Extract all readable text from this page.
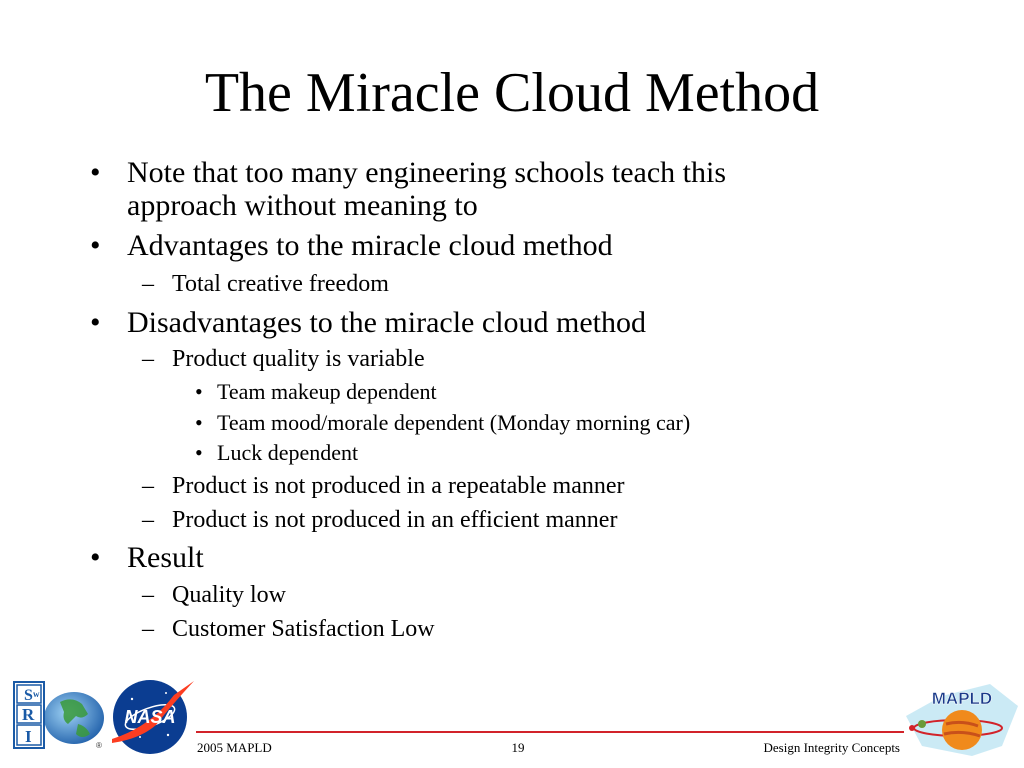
The Miracle Cloud Method
• Note that too many engineering schools teach this
approach without meaning to
• Advantages to the miracle cloud method
– Total creative freedom
• Disadvantages to the miracle cloud method
– Product quality is variable
• Team makeup dependent
• Team mood/morale dependent (Monday morning car)
• Luck dependent
– Product is not produced in a repeatable manner
– Product is not produced in an efficient manner
• Result
– Quality low
– Customer Satisfaction Low
S w
R
I	®
NASA
MAPLD
2005 MAPLD	19	Design Integrity Concepts
